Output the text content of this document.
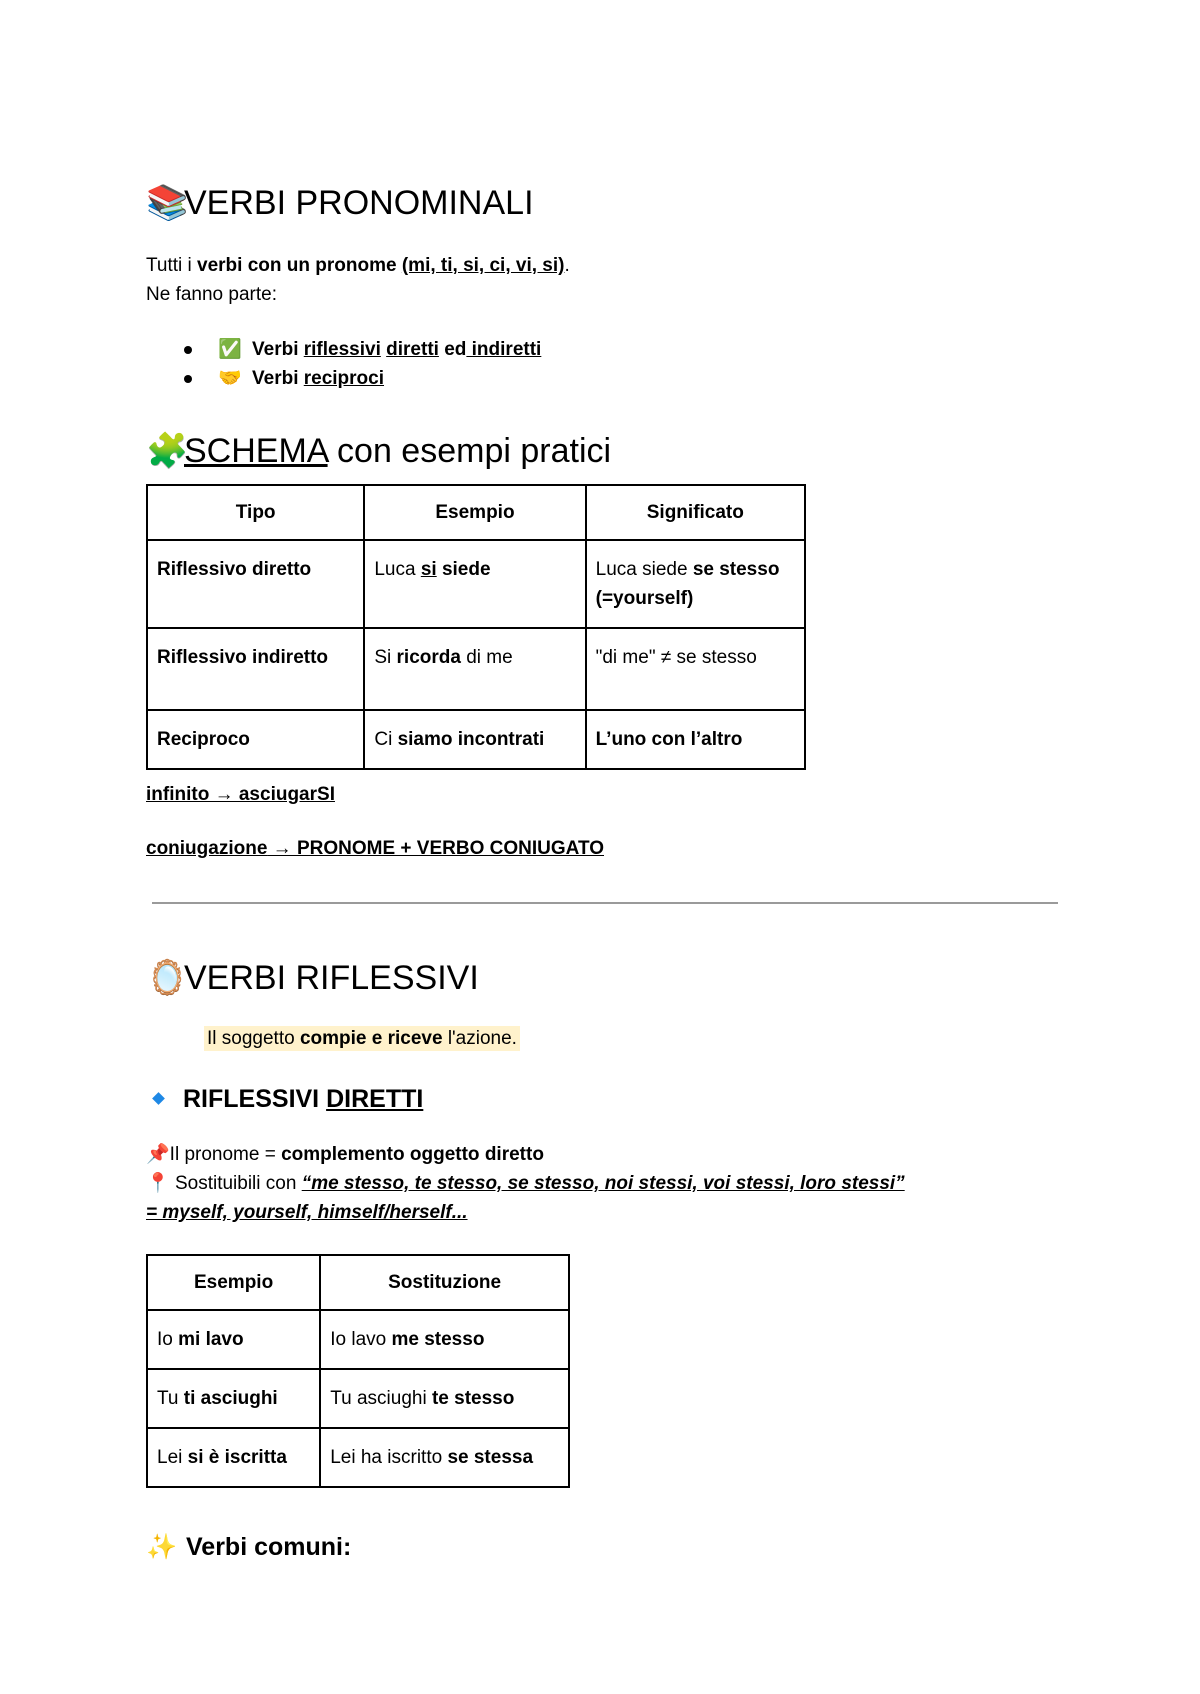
📚VERBI PRONOMINALI

Tutti i verbi con un pronome (mi, ti, si, ci, vi, si).

Ne fanno parte:

✅ Verbi riflessivi diretti ed indiretti
🤝 Verbi reciproci
🧩SCHEMA con esempi pratici
Tipo	Esempio	Significato
Riflessivo diretto	Luca si siede	Luca siede se stesso (=yourself)
Riflessivo indiretto	Si ricorda di me	"di me" ≠ se stesso
Reciproco	Ci siamo incontrati	L’uno con l’altro

infinito → asciugarSI

coniugazione → PRONOME + VERBO CONIUGATO

🪞VERBI RIFLESSIVI

Il soggetto compie e riceve l'azione.

RIFLESSIVI DIRETTI

📌Il pronome = complemento oggetto diretto

📍 Sostituibili con “me stesso, te stesso, se stesso, noi stessi, voi stessi, loro stessi”

= myself, yourself, himself/herself...

Esempio	Sostituzione
Io mi lavo	Io lavo me stesso
Tu ti asciughi	Tu asciughi te stesso
Lei si è iscritta	Lei ha iscritto se stessa
✨ Verbi comuni:
